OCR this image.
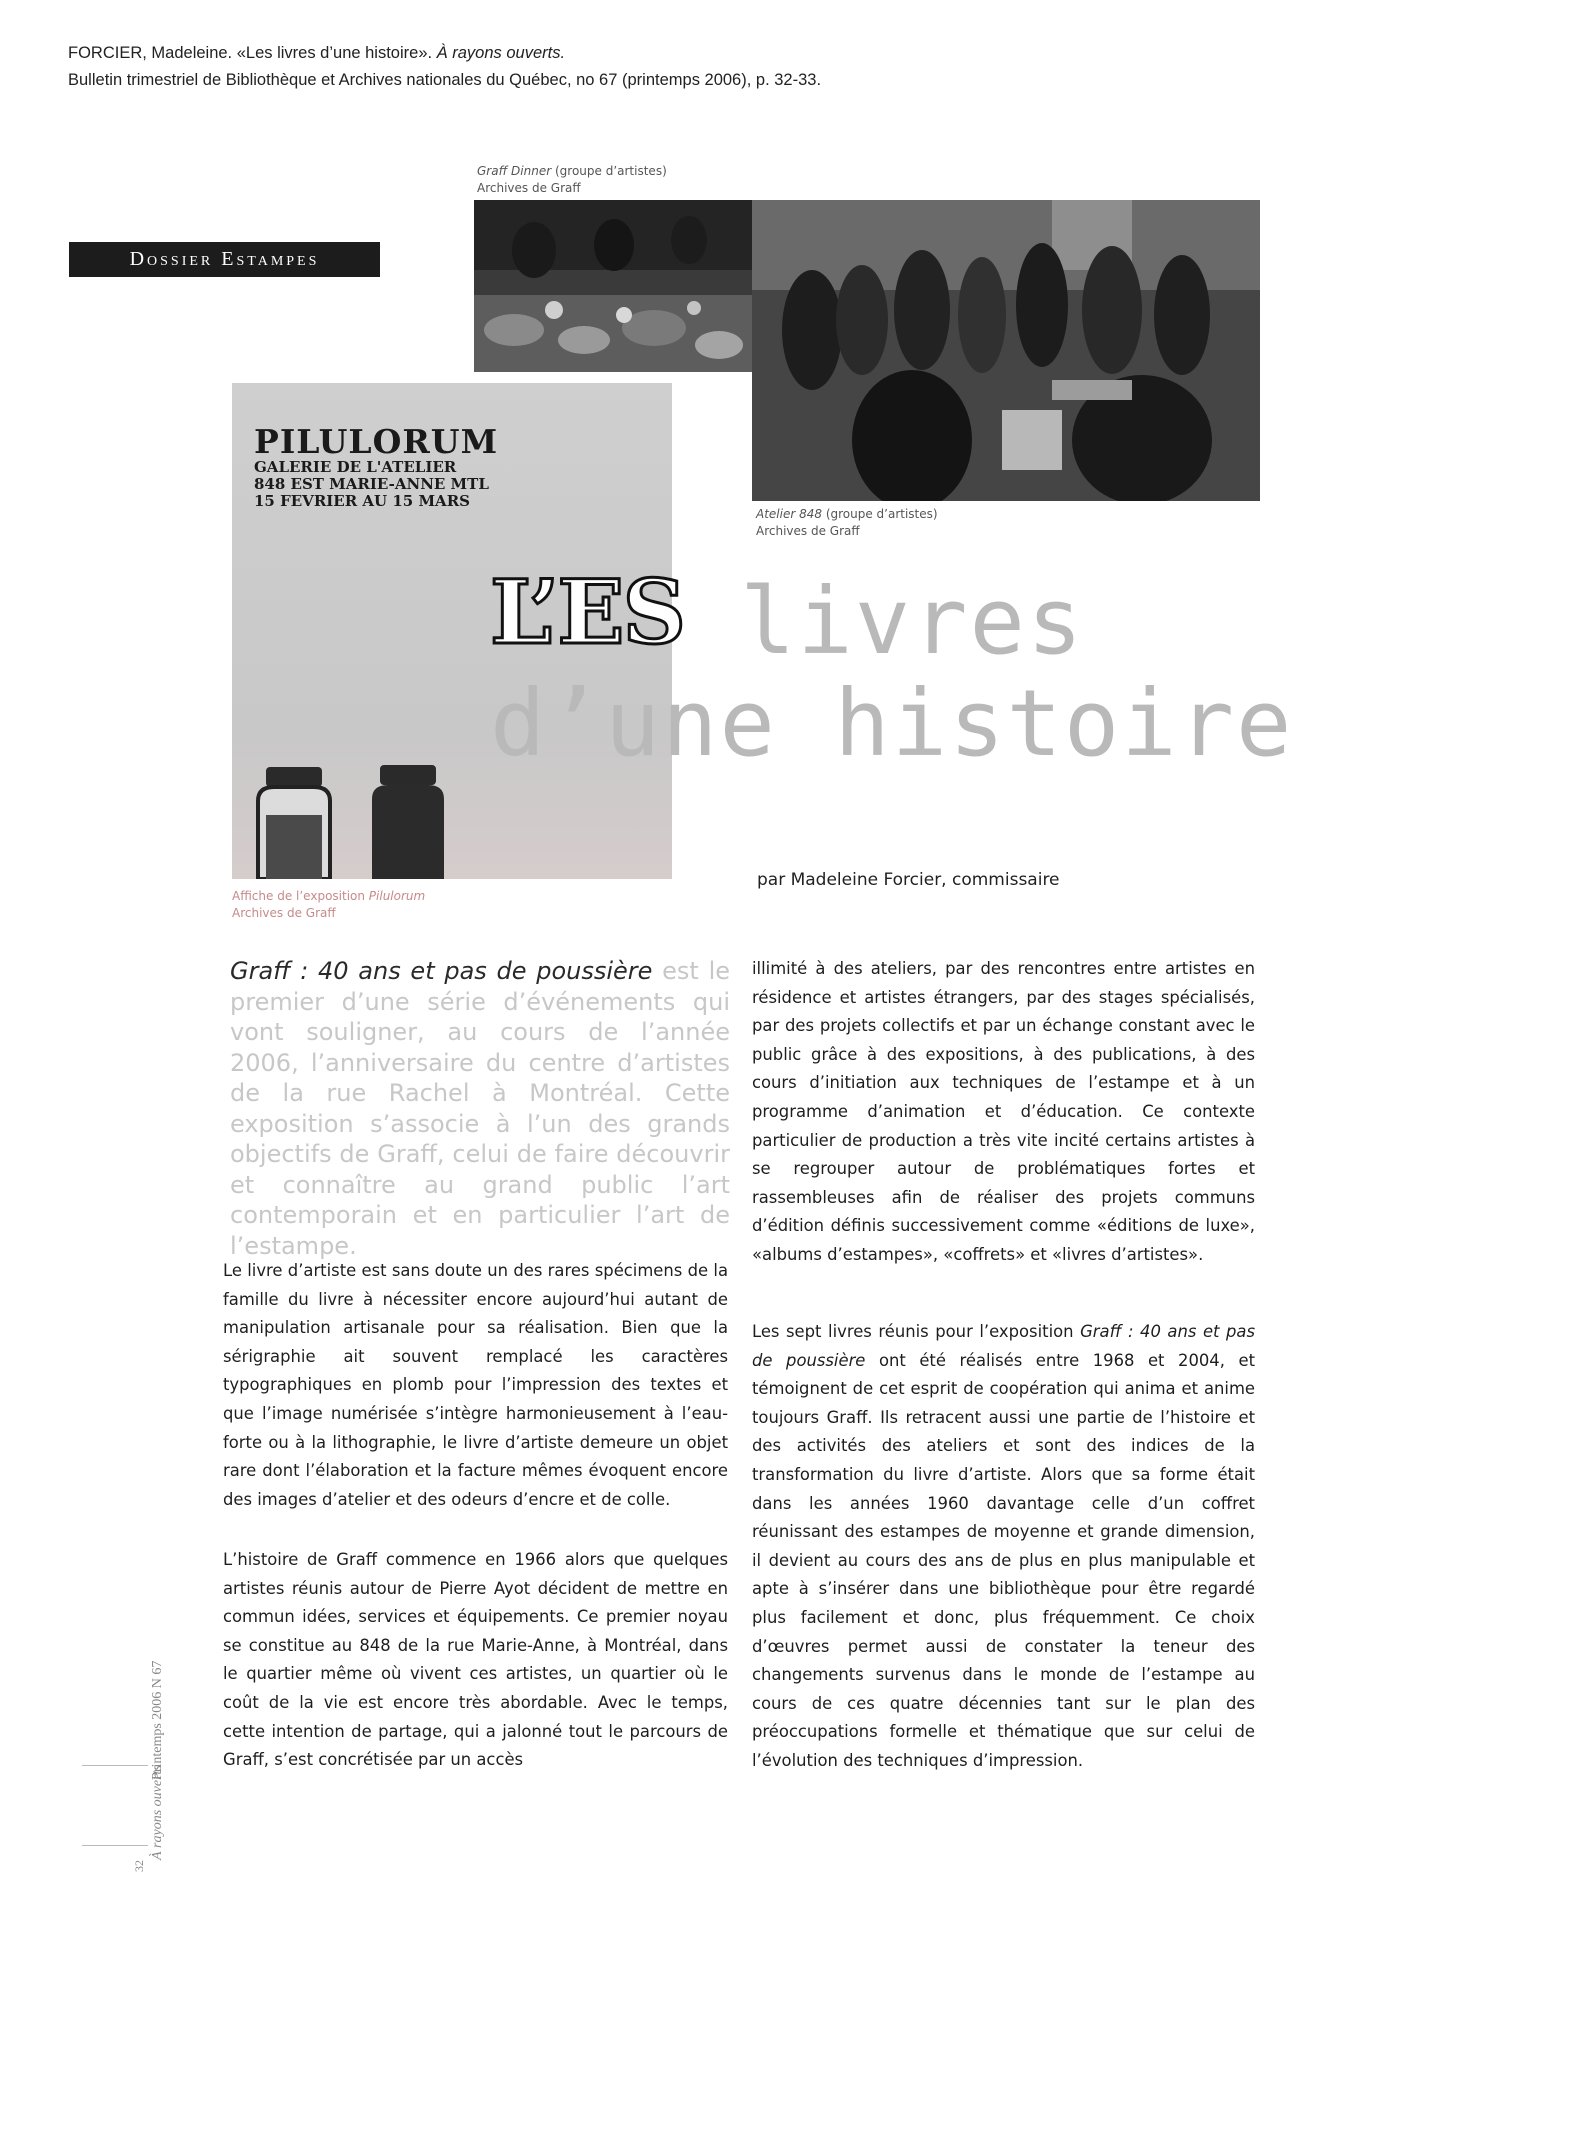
FORCIER, Madeleine. «Les livres d’une histoire». À rayons ouverts.
Bulletin trimestriel de Bibliothèque et Archives nationales du Québec, no 67 (printemps 2006), p. 32-33.
Dossier Estampes
Graff Dinner (groupe d’artistes)
Archives de Graff
Atelier 848 (groupe d’artistes)
Archives de Graff
PILULORUM
GALERIE DE L'ATELIER
848 EST MARIE-ANNE MTL
15 FEVRIER AU 15 MARS
L’ES livres
d’une histoire
Affiche de l’exposition Pilulorum
Archives de Graff
par Madeleine Forcier, commissaire
Graff : 40 ans et pas de poussière est le premier d’une série d’événements qui vont souligner, au cours de l’année 2006, l’anniversaire du centre d’artistes de la rue Rachel à Montréal. Cette exposition s’associe à l’un des grands objectifs de Graff, celui de faire découvrir et connaître au grand public l’art contemporain et en particulier l’art de l’estampe.
Le livre d’artiste est sans doute un des rares spécimens de la famille du livre à nécessiter encore aujourd’hui autant de manipulation artisanale pour sa réalisation. Bien que la sérigraphie ait souvent remplacé les caractères typographiques en plomb pour l’impression des textes et que l’image numérisée s’intègre harmonieusement à l’eau-forte ou à la lithographie, le livre d’artiste demeure un objet rare dont l’élaboration et la facture mêmes évoquent encore des images d’atelier et des odeurs d’encre et de colle.
L’histoire de Graff commence en 1966 alors que quelques artistes réunis autour de Pierre Ayot décident de mettre en commun idées, services et équipements. Ce premier noyau se constitue au 848 de la rue Marie-Anne, à Montréal, dans le quartier même où vivent ces artistes, un quartier où le coût de la vie est encore très abordable. Avec le temps, cette intention de partage, qui a jalonné tout le parcours de Graff, s’est concrétisée par un accès
illimité à des ateliers, par des rencontres entre artistes en résidence et artistes étrangers, par des stages spécialisés, par des projets collectifs et par un échange constant avec le public grâce à des expositions, à des publications, à des cours d’initiation aux techniques de l’estampe et à un programme d’animation et d’éducation. Ce contexte particulier de production a très vite incité certains artistes à se regrouper autour de problématiques fortes et rassembleuses afin de réaliser des projets communs d’édition définis successivement comme «éditions de luxe», «albums d’estampes», «coffrets» et «livres d’artistes».
Les sept livres réunis pour l’exposition Graff : 40 ans et pas de poussière ont été réalisés entre 1968 et 2004, et témoignent de cet esprit de coopération qui anima et anime toujours Graff. Ils retracent aussi une partie de l’histoire et des activités des ateliers et sont des indices de la transformation du livre d’artiste. Alors que sa forme était dans les années 1960 davantage celle d’un coffret réunissant des estampes de moyenne et grande dimension, il devient au cours des ans de plus en plus manipulable et apte à s’insérer dans une bibliothèque pour être regardé plus facilement et donc, plus fréquemment. Ce choix d’œuvres permet aussi de constater la teneur des changements survenus dans le monde de l’estampe au cours de ces quatre décennies tant sur le plan des préoccupations formelle et thématique que sur celui de l’évolution des techniques d’impression.
Printemps 2006 N 67
À rayons ouverts
32
